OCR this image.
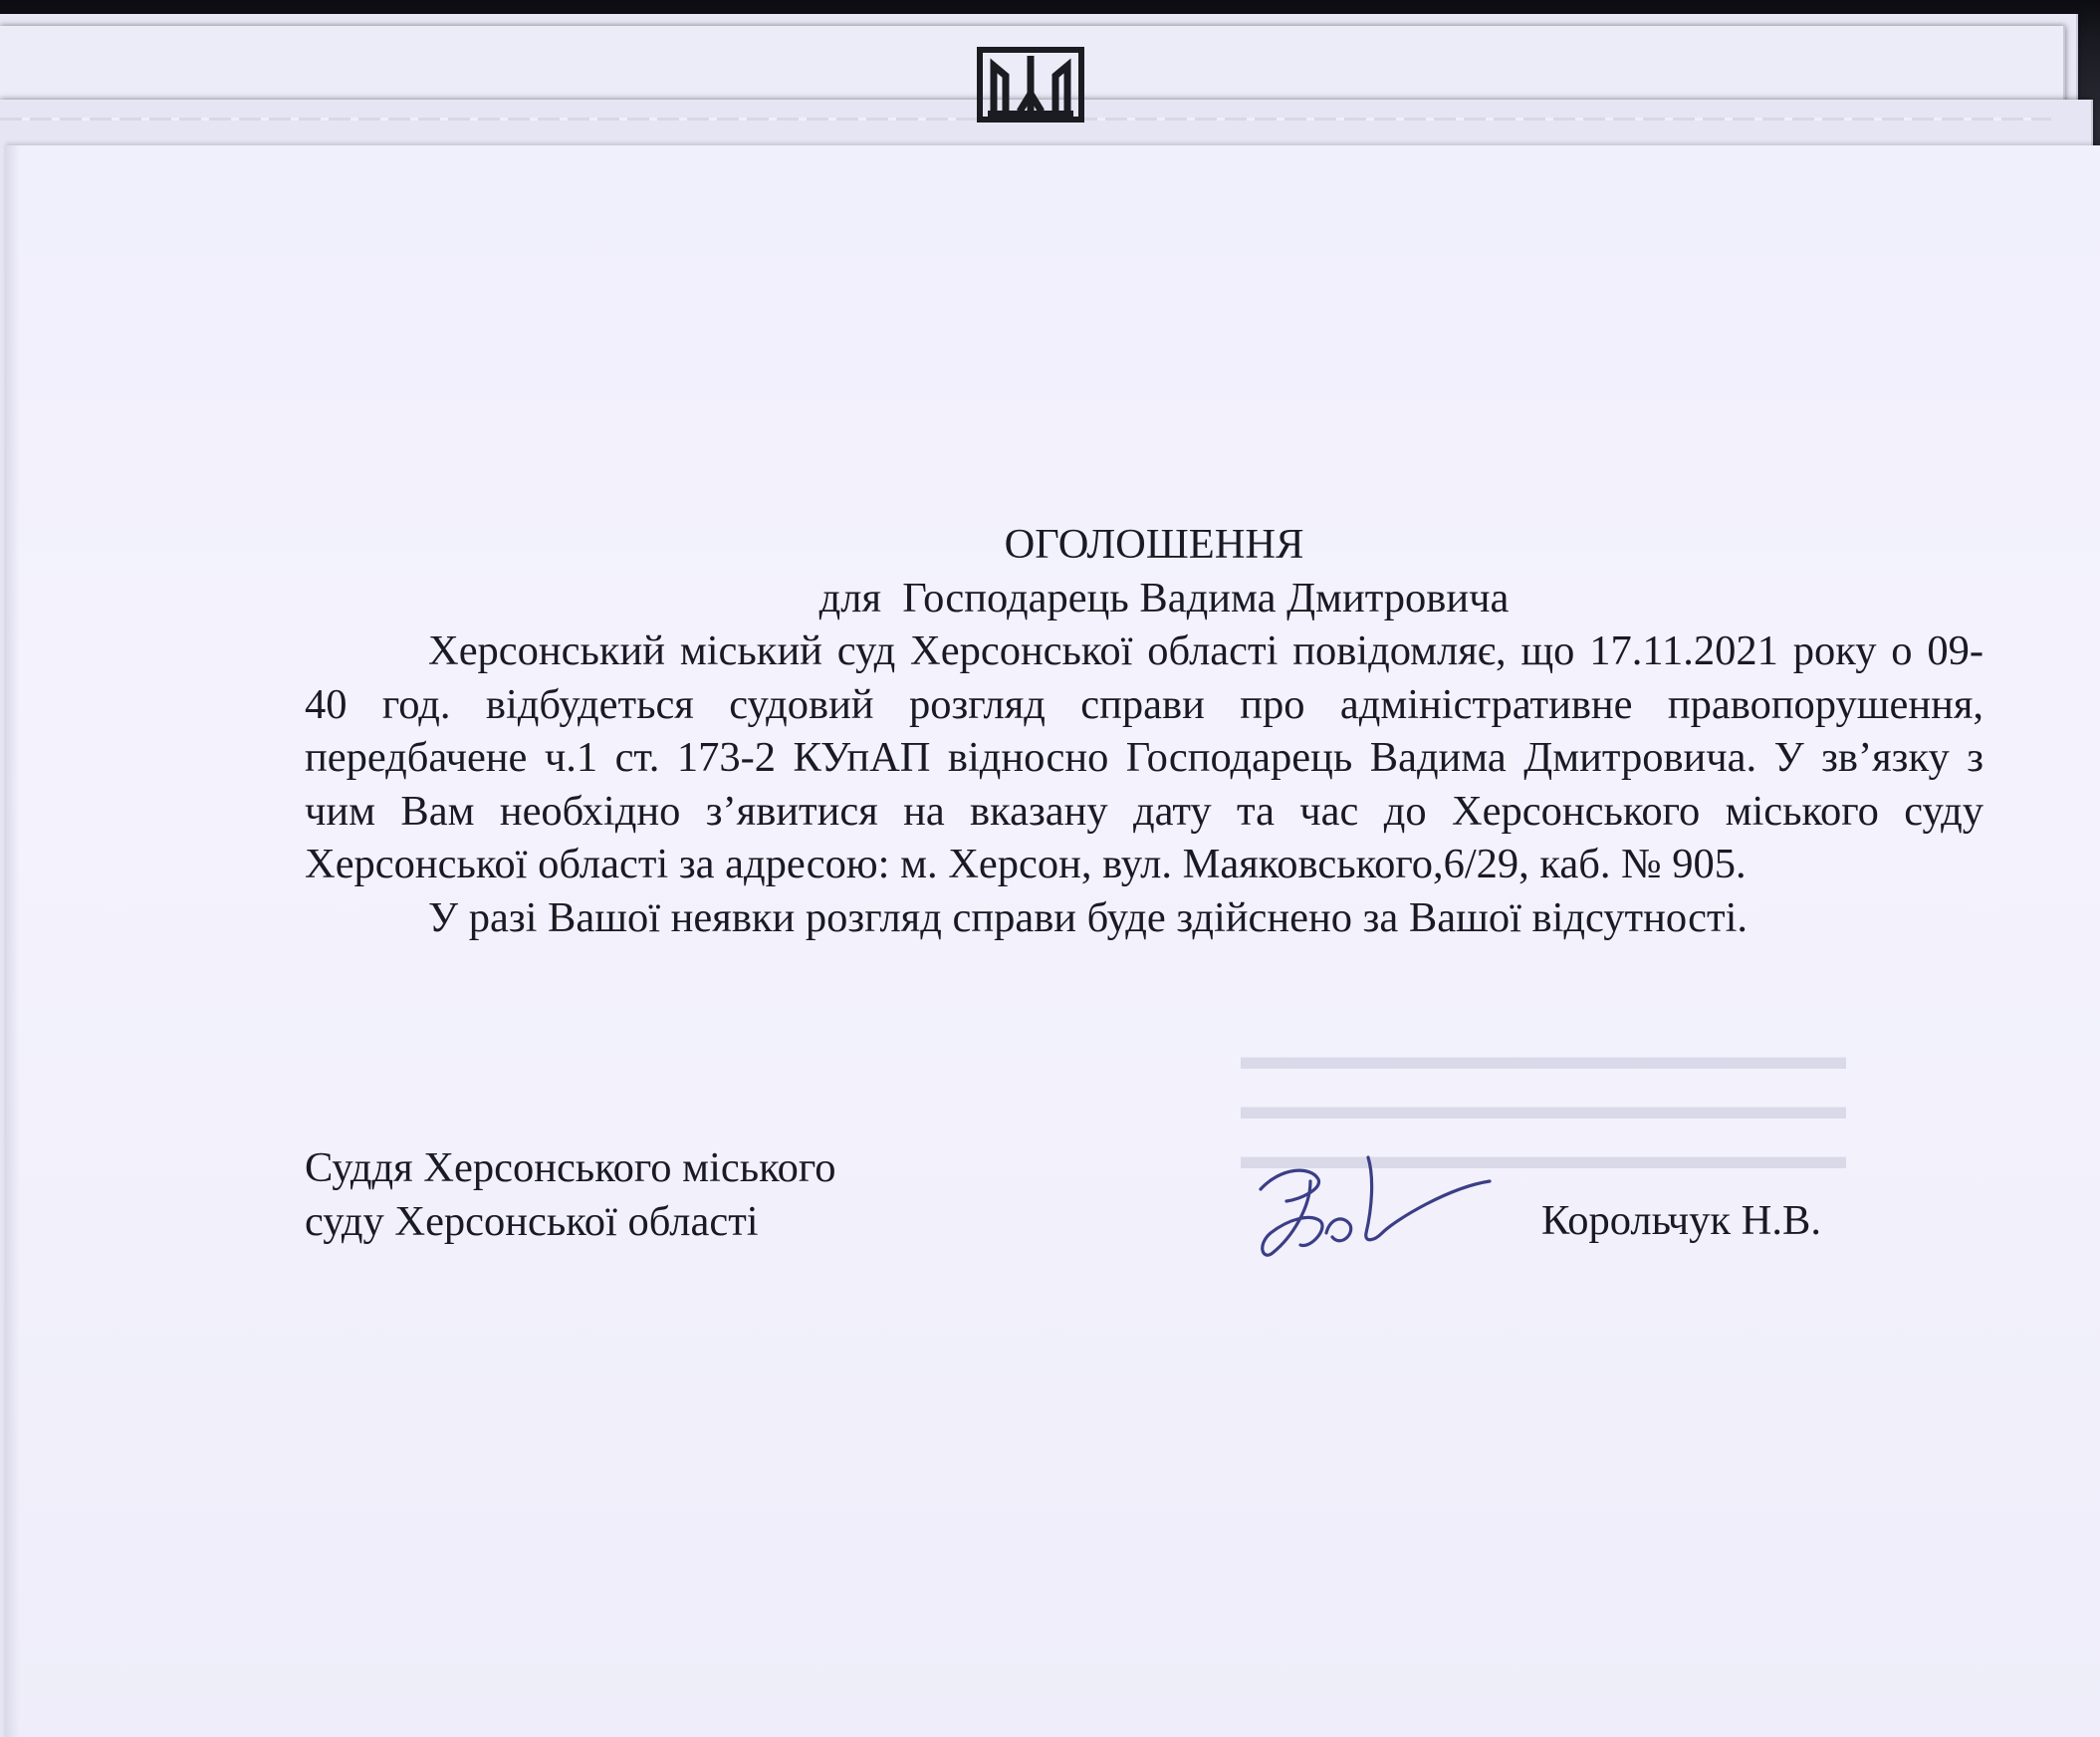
▬▬▬▬▬▬▬▬▬▬▬▬▬▬▬▬
▬▬▬▬▬▬▬▬▬▬▬▬▬▬▬▬
▬▬▬▬▬▬▬▬▬▬▬▬▬▬▬▬

ОГОЛОШЕННЯ

для  Господарець Вадима Дмитровича

Херсонський міський суд Херсонської області повідомляє, що 17.11.2021 року о 09-40 год. відбудеться судовий розгляд справи про адміністративне правопорушення, передбачене ч.1 ст. 173-2 КУпАП відносно Господарець Вадима Дмитровича. У зв’язку з чим Вам необхідно з’явитися на вказану дату та час до Херсонського міського суду Херсонської області за адресою: м. Херсон, вул. Маяковського,6/29, каб. № 905.

У разі Вашої неявки розгляд справи буде здійснено за Вашої відсутності.

Суддя Херсонського міського
суду Херсонської області	Корольчук Н.В.
